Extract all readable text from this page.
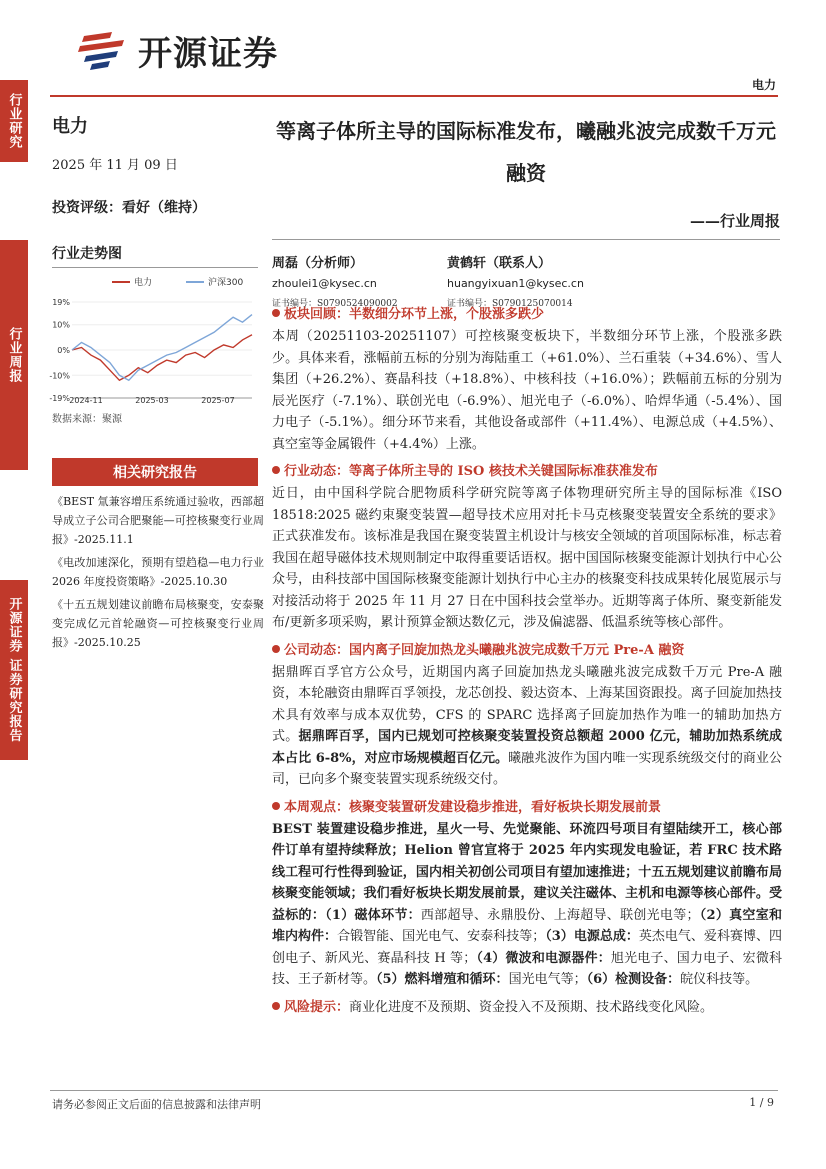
开源证券
电力
行业研究
行业周报
开源证券 证券研究报告
电力
2025 年 11 月 09 日
投资评级：看好（维持）
行业走势图
电力	沪深300
19%
10%
0%
-10%
-19% 2024-11	2025-03	2025-07
数据来源：聚源
相关研究报告
《BEST 氚兼容增压系统通过验收，西部超导成立子公司合肥聚能—可控核聚变行业周报》-2025.11.1
《电改加速深化，预期有望趋稳—电力行业 2026 年度投资策略》-2025.10.30
《十五五规划建议前瞻布局核聚变，安泰聚变完成亿元首轮融资—可控核聚变行业周报》-2025.10.25
等离子体所主导的国际标准发布，曦融兆波完成数千万元融资
——行业周报
周磊（分析师）
zhoulei1@kysec.cn
证书编号：S0790524090002
黄鹤轩（联系人）
huangyixuan1@kysec.cn
证书编号：S0790125070014
板块回顾：半数细分环节上涨，个股涨多跌少
本周（20251103-20251107）可控核聚变板块下，半数细分环节上涨，个股涨多跌少。具体来看，涨幅前五标的分别为海陆重工（+61.0%）、兰石重装（+34.6%）、雪人集团（+26.2%）、赛晶科技（+18.8%）、中核科技（+16.0%）；跌幅前五标的分别为辰光医疗（-7.1%）、联创光电（-6.9%）、旭光电子（-6.0%）、哈焊华通（-5.4%）、国力电子（-5.1%）。细分环节来看，其他设备或部件（+11.4%）、电源总成（+4.5%）、真空室等金属锻件（+4.4%）上涨。
行业动态：等离子体所主导的 ISO 核技术关键国际标准获准发布
近日，由中国科学院合肥物质科学研究院等离子体物理研究所主导的国际标准《ISO 18518:2025 磁约束聚变装置—超导技术应用对托卡马克核聚变装置安全系统的要求》正式获准发布。该标准是我国在聚变装置主机设计与核安全领域的首项国际标准，标志着我国在超导磁体技术规则制定中取得重要话语权。据中国国际核聚变能源计划执行中心公众号，由科技部中国国际核聚变能源计划执行中心主办的核聚变科技成果转化展览展示与对接活动将于 2025 年 11 月 27 日在中国科技会堂举办。近期等离子体所、聚变新能发布/更新多项采购，累计预算金额达数亿元，涉及偏滤器、低温系统等核心部件。
公司动态：国内离子回旋加热龙头曦融兆波完成数千万元 Pre-A 融资
据鼎晖百孚官方公众号，近期国内离子回旋加热龙头曦融兆波完成数千万元 Pre-A 融资，本轮融资由鼎晖百孚领投，龙芯创投、毅达资本、上海某国资跟投。离子回旋加热技术具有效率与成本双优势，CFS 的 SPARC 选择离子回旋加热作为唯一的辅助加热方式。据鼎晖百孚，国内已规划可控核聚变装置投资总额超 2000 亿元，辅助加热系统成本占比 6-8%，对应市场规模超百亿元。曦融兆波作为国内唯一实现系统级交付的商业公司，已向多个聚变装置实现系统级交付。
本周观点：核聚变装置研发建设稳步推进，看好板块长期发展前景
BEST 装置建设稳步推进，星火一号、先觉聚能、环流四号项目有望陆续开工，核心部件订单有望持续释放；Helion 曾官宣将于 2025 年内实现发电验证，若 FRC 技术路线工程可行性得到验证，国内相关初创公司项目有望加速推进；十五五规划建议前瞻布局核聚变能领域；我们看好板块长期发展前景，建议关注磁体、主机和电源等核心部件。受益标的：（1）磁体环节：西部超导、永鼎股份、上海超导、联创光电等；（2）真空室和堆内构件：合锻智能、国光电气、安泰科技等；（3）电源总成：英杰电气、爱科赛博、四创电子、新风光、赛晶科技 H 等；（4）微波和电源器件：旭光电子、国力电子、宏微科技、王子新材等。（5）燃料增殖和循环：国光电气等；（6）检测设备：皖仪科技等。
风险提示：商业化进度不及预期、资金投入不及预期、技术路线变化风险。
请务必参阅正文后面的信息披露和法律声明	1 / 9
